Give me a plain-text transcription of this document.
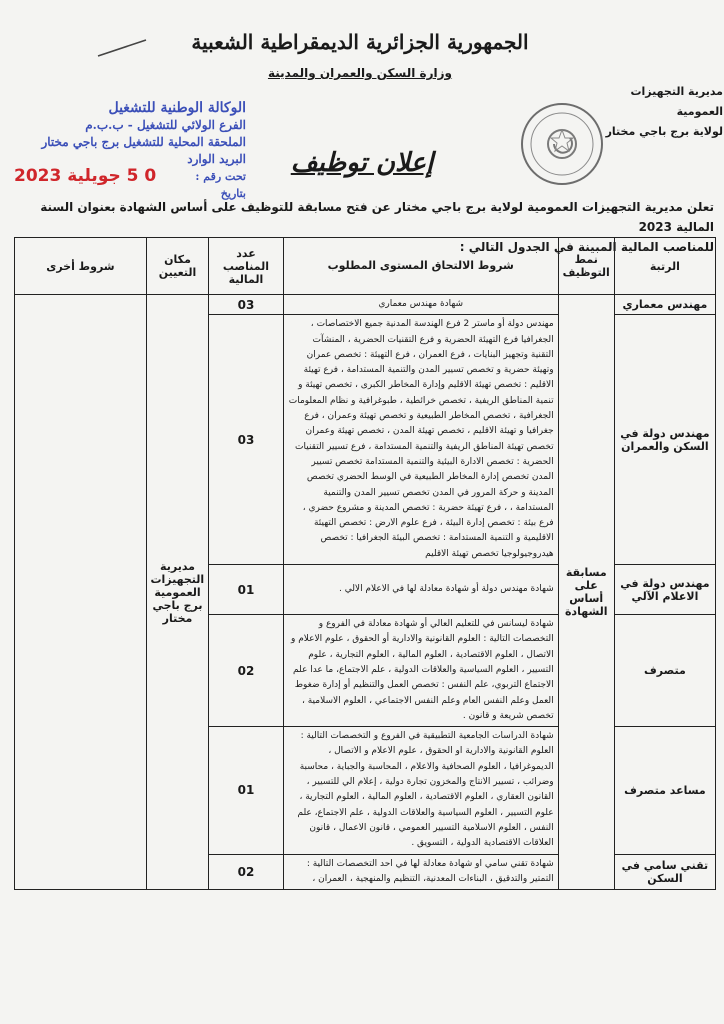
الجمهورية الجزائرية الديمقراطية الشعبية
وزارة السكن والعمران والمدينة
مديرية التجهيزات العمومية
لولاية برج باجي مختار
الوكالة الوطنية للتشغيل
الفرع الولائي للتشغيل - ب.ب.م
الملحقة المحلية للتشغيل برج باجي مختار
البريد الوارد
تحت رقم :
بتاريخ
0 5 جويلية 2023	إعلان توظيف
تعلن مديرية التجهيزات العمومية لولاية برج باجي مختار عن فتح مسابقة للتوظيف على أساس الشهادة بعنوان السنة المالية 2023
للمناصب المالية المبينة في الجدول التالي :
الرتبة	نمط التوظيف	شروط الالتحاق المستوى المطلوب	عدد المناصب المالية	مكان التعيين	شروط أخرى
مهندس معماري	مسابقة على أساس الشهادة	شهادة مهندس معماري	03	مديرية التجهيزات العمومية برج باجي مختار	
مهندس دولة في السكن والعمران		مهندس دولة أو ماستر 2 فرع الهندسة المدنية جميع الاختصاصات ، الجغرافيا فرع التهيئة الحضرية و فرع التقنيات الحضرية ، المنشآت التقنية وتجهيز البنايات ، فرع العمران ، فرع التهيئة : تخصص عمران وتهيئة حضرية و تخصص تسيير المدن والتنمية المستدامة ، فرع تهيئة الاقليم : تخصص تهيئة الاقليم وإدارة المخاطر الكبرى ، تخصص تهيئة و تنمية المناطق الريفية ، تخصص خرائطية ، طبوغرافية و نظام المعلومات الجغرافية ، تخصص المخاطر الطبيعية و تخصص تهيئة وعمران ، فرع جغرافيا و تهيئة الاقليم ، تخصص تهيئة المدن ، تخصص تهيئة وعمران تخصص تهيئة المناطق الريفية والتنمية المستدامة ، فرع تسيير التقنيات الحضرية : تخصص الادارة البيئية والتنمية المستدامة تخصص تسيير المدن تخصص إدارة المخاطر الطبيعية في الوسط الحضري تخصص المدينة و حركة المرور في المدن تخصص تسيير المدن والتنمية المستدامة ، ، فرع تهيئة حضرية : تخصص المدينة و مشروع حضري ، فرع بيئة : تخصص إدارة البيئة ، فرع علوم الارض : تخصص التهيئة الاقليمية و التنمية المستدامة : تخصص البيئة الجغرافيا : تخصص هيدروجيولوجيا تخصص تهيئة الاقليم	03		
مهندس دولة في الاعلام الآلي		شهادة مهندس دولة أو شهادة معادلة لها في الاعلام الالي .	01		
متصرف		شهادة ليسانس في للتعليم العالي أو شهادة معادلة في الفروع و التخصصات التالية : العلوم القانونية والادارية أو الحقوق ، علوم الاعلام و الاتصال ، العلوم الاقتصادية ، العلوم المالية ، العلوم التجارية ، علوم التسيير ، العلوم السياسية والعلاقات الدولية ، علم الاجتماع، ما عدا علم الاجتماع التربوي، علم النفس : تخصص العمل والتنظيم أو إدارة ضغوط العمل وعلم النفس العام وعلم النفس الاجتماعي ، العلوم الاسلامية ، تخصص شريعة و قانون .	02		
مساعد متصرف		شهادة الدراسات الجامعية التطبيقية في الفروع و التخصصات التالية : العلوم القانونية والادارية او الحقوق ، علوم الاعلام و الاتصال ، الديموغرافيا ، العلوم الصحافية والاعلام ، المحاسبة والجباية ، محاسبة وضرائب ، تسيير الانتاج والمخزون تجارة دولية ، إعلام الي للتسيير ، القانون العقاري ، العلوم الاقتصادية ، العلوم المالية ، العلوم التجارية ، علوم التسيير ، العلوم السياسية والعلاقات الدولية ، علم الاجتماع، علم النفس ، العلوم الاسلامية التسيير العمومي ، قانون الاعمال ، قانون العلاقات الاقتصادية الدولية ، التسويق .	01		
تقني سامي في السكن		شهادة تقني سامي او شهادة معادلة لها في احد التخصصات التالية : التمتير والتدقيق ، البناءات المعدنية، التنظيم والمنهجية ، العمران ،	02		
